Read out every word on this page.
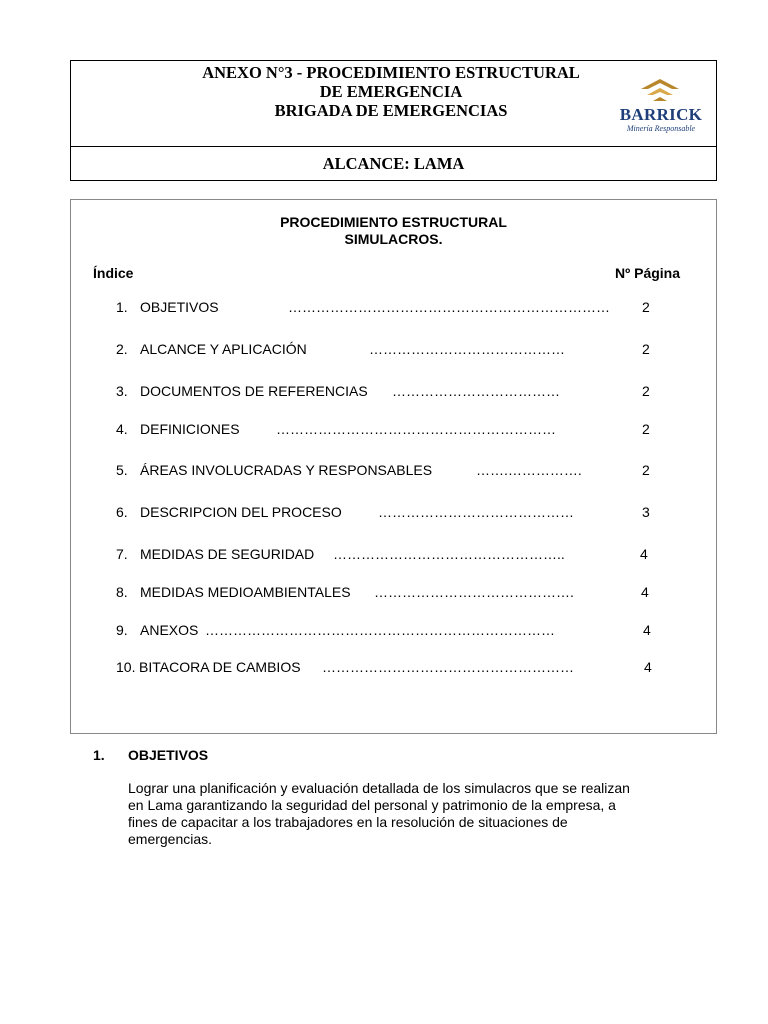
ANEXO N°3 - PROCEDIMIENTO ESTRUCTURAL
DE EMERGENCIA
BRIGADA DE EMERGENCIAS	BARRICK
Minería Responsable
ALCANCE: LAMA
PROCEDIMIENTO ESTRUCTURAL
SIMULACROS.
Índice	Nº Página
1. OBJETIVOS	…………………………………………………………… 2
2. ALCANCE Y APLICACIÓN	……………………………………	2
3. DOCUMENTOS DE REFERENCIAS ………………………………	2
4. DEFINICIONES	……………………………………………………	2
5. ÁREAS INVOLUCRADAS Y RESPONSABLES	…….…………….	2
6. DESCRIPCION DEL PROCESO	……………………………………	3
7. MEDIDAS DE SEGURIDAD …………………………………………..	4
8. MEDIDAS MEDIOAMBIENTALES …………………………………….	4
9. ANEXOS …………………………………………………………………	4
10. BITACORA DE CAMBIOS ………………………………………………	4
1. OBJETIVOS
Lograr una planificación y evaluación detallada de los simulacros que se realizan
en Lama garantizando la seguridad del personal y patrimonio de la empresa, a
fines de capacitar a los trabajadores en la resolución de situaciones de
emergencias.
